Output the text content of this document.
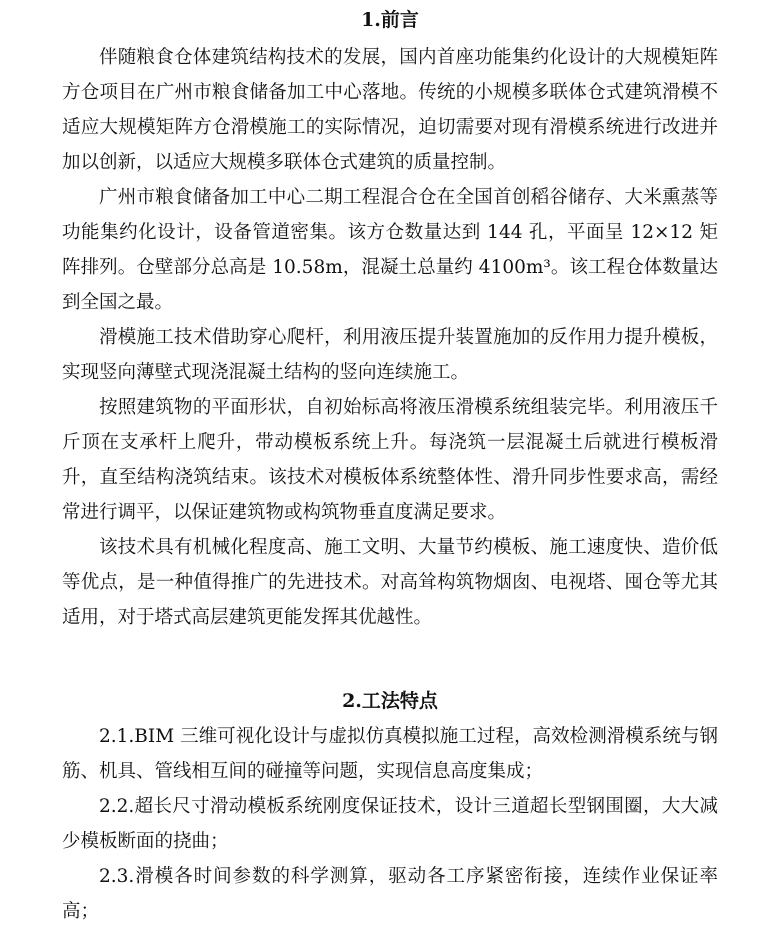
1.前言

伴随粮食仓体建筑结构技术的发展，国内首座功能集约化设计的大规模矩阵方仓项目在广州市粮食储备加工中心落地。传统的小规模多联体仓式建筑滑模不适应大规模矩阵方仓滑模施工的实际情况，迫切需要对现有滑模系统进行改进并加以创新，以适应大规模多联体仓式建筑的质量控制。

广州市粮食储备加工中心二期工程混合仓在全国首创稻谷储存、大米熏蒸等功能集约化设计，设备管道密集。该方仓数量达到 144 孔，平面呈 12×12 矩阵排列。仓壁部分总高是 10.58m，混凝土总量约 4100m³。该工程仓体数量达到全国之最。

滑模施工技术借助穿心爬杆，利用液压提升装置施加的反作用力提升模板，实现竖向薄壁式现浇混凝土结构的竖向连续施工。

按照建筑物的平面形状，自初始标高将液压滑模系统组装完毕。利用液压千斤顶在支承杆上爬升，带动模板系统上升。每浇筑一层混凝土后就进行模板滑升，直至结构浇筑结束。该技术对模板体系统整体性、滑升同步性要求高，需经常进行调平，以保证建筑物或构筑物垂直度满足要求。

该技术具有机械化程度高、施工文明、大量节约模板、施工速度快、造价低等优点，是一种值得推广的先进技术。对高耸构筑物烟囱、电视塔、囤仓等尤其适用，对于塔式高层建筑更能发挥其优越性。

2.工法特点

2.1.BIM 三维可视化设计与虚拟仿真模拟施工过程，高效检测滑模系统与钢筋、机具、管线相互间的碰撞等问题，实现信息高度集成；

2.2.超长尺寸滑动模板系统刚度保证技术，设计三道超长型钢围圈，大大减少模板断面的挠曲；

2.3.滑模各时间参数的科学测算，驱动各工序紧密衔接，连续作业保证率高；
